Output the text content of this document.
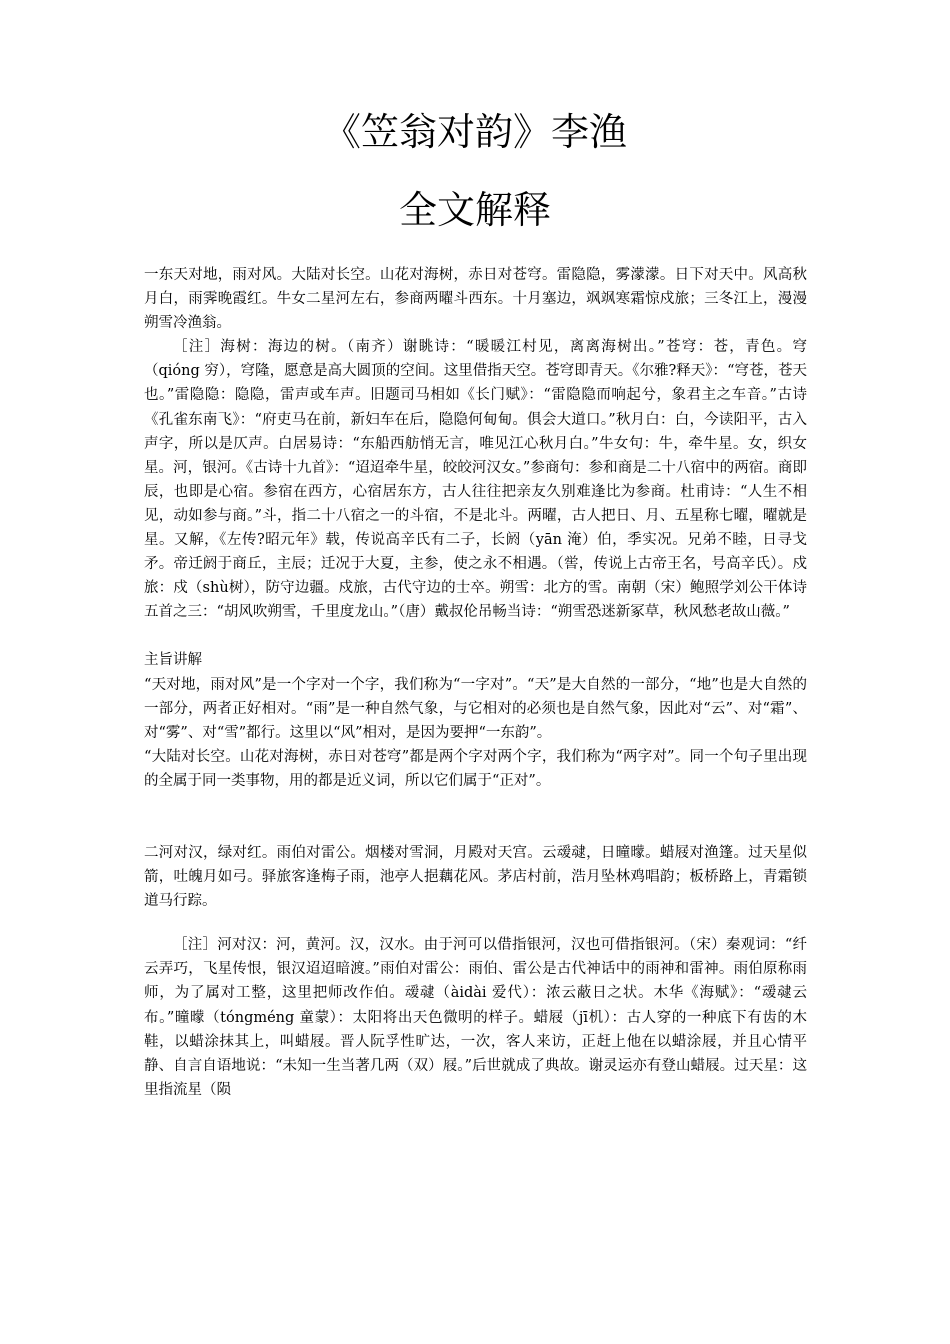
《笠翁对韵》李渔
全文解释

一东天对地，雨对风。大陆对长空。山花对海树，赤日对苍穹。雷隐隐，雾濛濛。日下对天中。风高秋月白，雨霁晚霞红。牛女二星河左右，参商两曜斗西东。十月塞边，飒飒寒霜惊戍旅；三冬江上，漫漫朔雪冷渔翁。

［注］海树：海边的树。（南齐）谢眺诗：“暖暖江村见，离离海树出。”苍穹：苍，青色。穹（qióng 穷），穹隆，愿意是高大圆顶的空间。这里借指天空。苍穹即青天。《尔雅?释天》：“穹苍，苍天也。”雷隐隐：隐隐，雷声或车声。旧题司马相如《长门赋》：“雷隐隐而响起兮，象君主之车音。”古诗《孔雀东南飞》：“府吏马在前，新妇车在后，隐隐何甸甸。俱会大道口。”秋月白：白，今读阳平，古入声字，所以是仄声。白居易诗：“东船西舫悄无言，唯见江心秋月白。”牛女句：牛，牵牛星。女，织女星。河，银河。《古诗十九首》：“迢迢牵牛星，皎皎河汉女。”参商句：参和商是二十八宿中的两宿。商即辰，也即是心宿。参宿在西方，心宿居东方，古人往往把亲友久别难逢比为参商。杜甫诗：“人生不相见，动如参与商。”斗，指二十八宿之一的斗宿，不是北斗。两曜，古人把日、月、五星称七曜，曜就是星。又解，《左传?昭元年》载，传说高辛氏有二子，长阏（yān 淹）伯，季实况。兄弟不睦，日寻戈矛。帝迁阏于商丘，主辰；迁况于大夏，主参，使之永不相遇。（喾，传说上古帝王名，号高辛氏）。戍旅：戍（shù树），防守边疆。戍旅，古代守边的士卒。朔雪：北方的雪。南朝（宋）鲍照学刘公干体诗五首之三：“胡风吹朔雪，千里度龙山。”（唐）戴叔伦吊畅当诗：“朔雪恐迷新冢草，秋风愁老故山薇。”

主旨讲解

“天对地，雨对风”是一个字对一个字，我们称为“一字对”。“天”是大自然的一部分，“地”也是大自然的一部分，两者正好相对。“雨”是一种自然气象，与它相对的必须也是自然气象，因此对“云”、对“霜”、对“雾”、对“雪”都行。这里以“风”相对，是因为要押“一东韵”。

“大陆对长空。山花对海树，赤日对苍穹”都是两个字对两个字，我们称为“两字对”。同一个句子里出现的全属于同一类事物，用的都是近义词，所以它们属于“正对”。

二河对汉，绿对红。雨伯对雷公。烟楼对雪洞，月殿对天宫。云叆叇，日曈曚。蜡屐对渔篷。过天星似箭，吐魄月如弓。驿旅客逢梅子雨，池亭人挹藕花风。茅店村前，浩月坠林鸡唱韵；板桥路上，青霜锁道马行踪。

［注］河对汉：河，黄河。汉，汉水。由于河可以借指银河，汉也可借指银河。（宋）秦观词：“纤云弄巧，飞星传恨，银汉迢迢暗渡。”雨伯对雷公：雨伯、雷公是古代神话中的雨神和雷神。雨伯原称雨师，为了属对工整，这里把师改作伯。叆叇（àidài 爱代）：浓云蔽日之状。木华《海赋》：“叆叇云布。”曈曚（tóngméng 童蒙）：太阳将出天色微明的样子。蜡屐（jī机）：古人穿的一种底下有齿的木鞋，以蜡涂抹其上，叫蜡屐。晋人阮孚性旷达，一次，客人来访，正赶上他在以蜡涂屐，并且心情平静、自言自语地说：“未知一生当著几两（双）屐。”后世就成了典故。谢灵运亦有登山蜡屐。过天星：这里指流星（陨
